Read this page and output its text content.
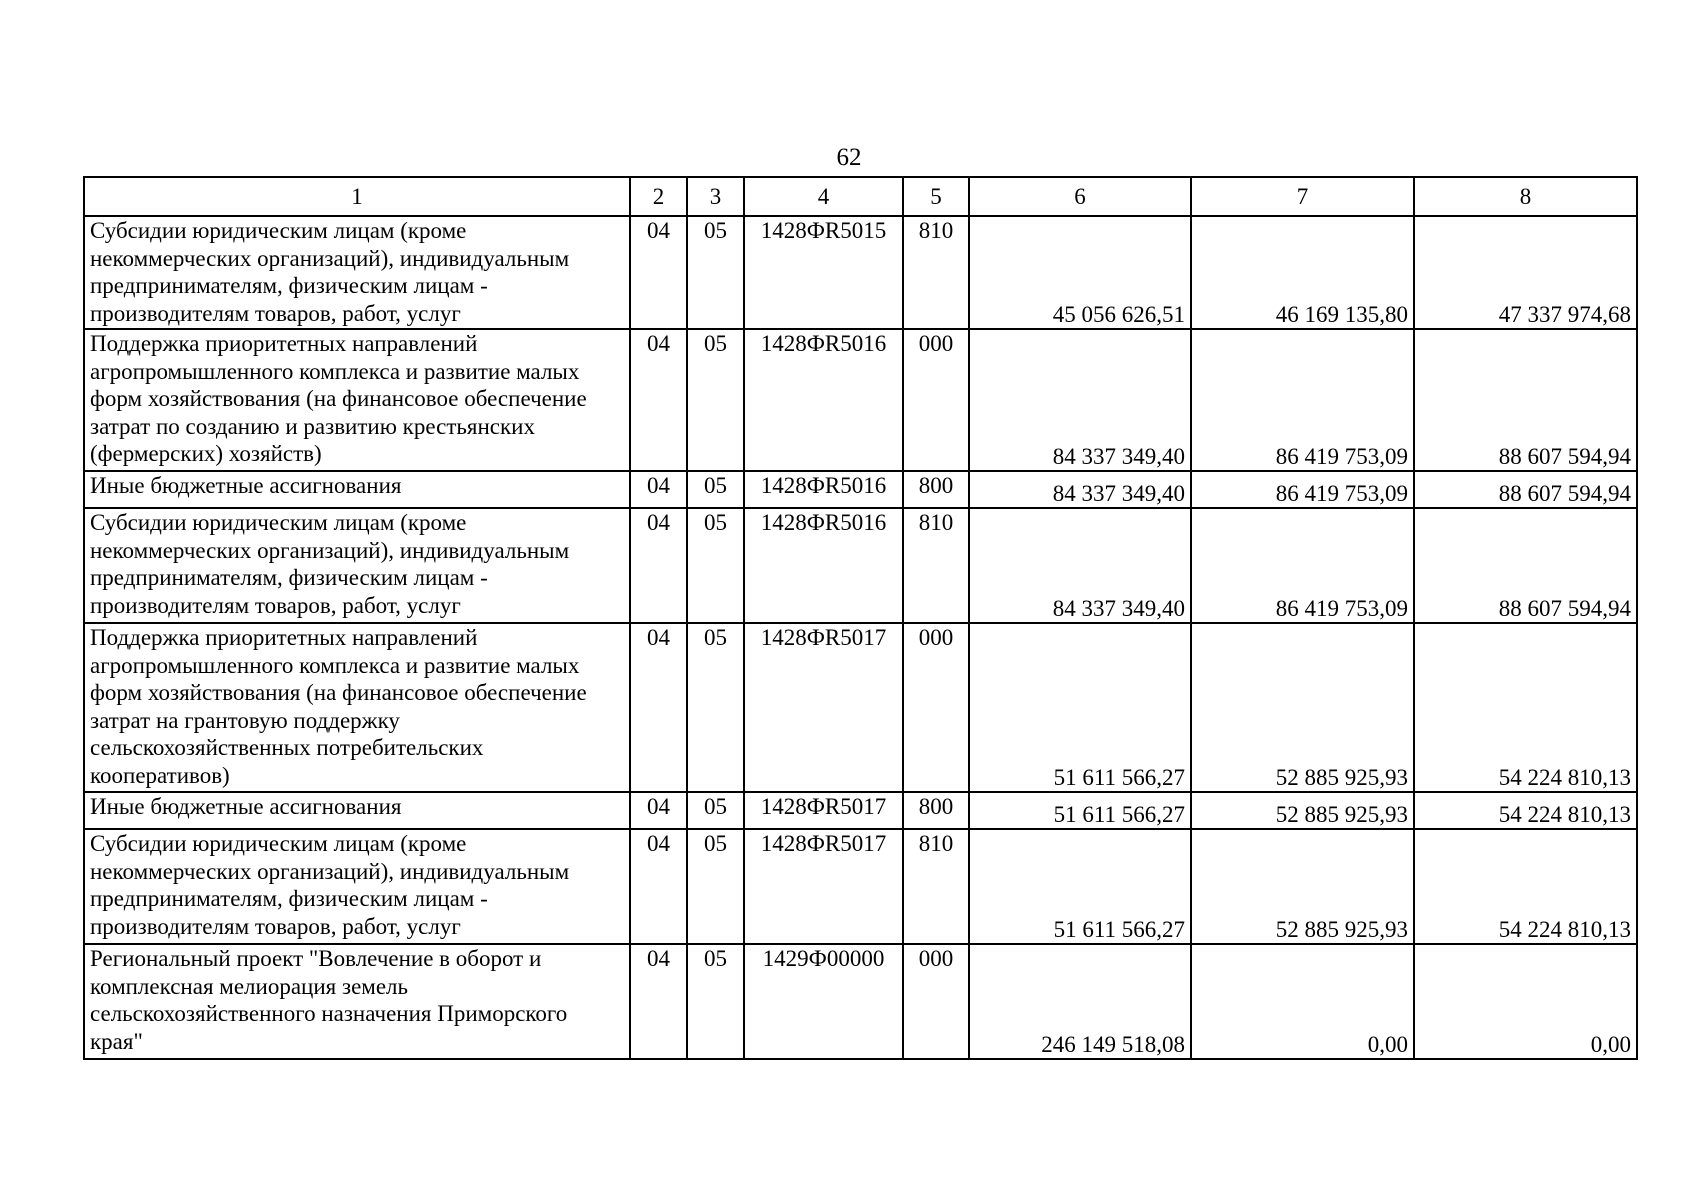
62
1	2	3	4	5	6	7	8
Субсидии юридическим лицам (кроме некоммерческих организаций), индивидуальным предпринимателям, физическим лицам - производителям товаров, работ, услуг	04	05	1428ФR5015	810	45 056 626,51	46 169 135,80	47 337 974,68
Поддержка приоритетных направлений агропромышленного комплекса и развитие малых форм хозяйствования (на финансовое обеспечение затрат по созданию и развитию крестьянских (фермерских) хозяйств)	04	05	1428ФR5016	000	84 337 349,40	86 419 753,09	88 607 594,94
Иные бюджетные ассигнования	04	05	1428ФR5016	800	84 337 349,40	86 419 753,09	88 607 594,94
Субсидии юридическим лицам (кроме некоммерческих организаций), индивидуальным предпринимателям, физическим лицам - производителям товаров, работ, услуг	04	05	1428ФR5016	810	84 337 349,40	86 419 753,09	88 607 594,94
Поддержка приоритетных направлений агропромышленного комплекса и развитие малых форм хозяйствования (на финансовое обеспечение затрат на грантовую поддержку сельскохозяйственных потребительских кооперативов)	04	05	1428ФR5017	000	51 611 566,27	52 885 925,93	54 224 810,13
Иные бюджетные ассигнования	04	05	1428ФR5017	800	51 611 566,27	52 885 925,93	54 224 810,13
Субсидии юридическим лицам (кроме некоммерческих организаций), индивидуальным предпринимателям, физическим лицам - производителям товаров, работ, услуг	04	05	1428ФR5017	810	51 611 566,27	52 885 925,93	54 224 810,13
Региональный проект "Вовлечение в оборот и комплексная мелиорация земель сельскохозяйственного назначения Приморского края"	04	05	1429Ф00000	000	246 149 518,08	0,00	0,00
